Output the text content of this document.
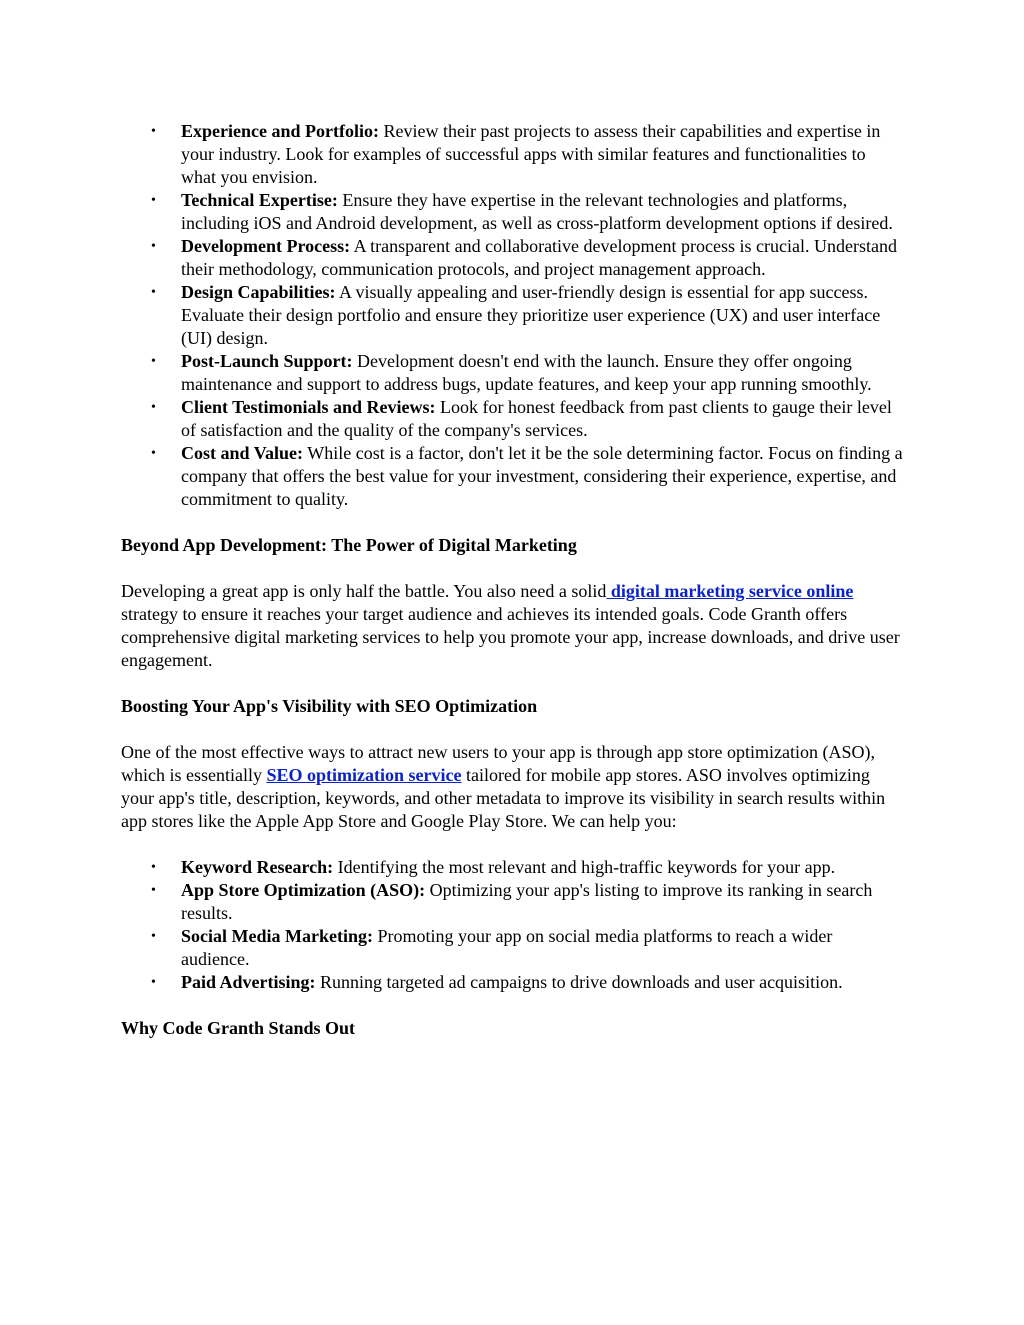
• Experience and Portfolio: Review their past projects to assess their capabilities and expertise in your industry. Look for examples of successful apps with similar features and functionalities to what you envision.
• Technical Expertise: Ensure they have expertise in the relevant technologies and platforms, including iOS and Android development, as well as cross-platform development options if desired.
• Development Process: A transparent and collaborative development process is crucial. Understand their methodology, communication protocols, and project management approach.
• Design Capabilities: A visually appealing and user-friendly design is essential for app success. Evaluate their design portfolio and ensure they prioritize user experience (UX) and user interface (UI) design.
• Post-Launch Support: Development doesn't end with the launch. Ensure they offer ongoing maintenance and support to address bugs, update features, and keep your app running smoothly.
• Client Testimonials and Reviews: Look for honest feedback from past clients to gauge their level of satisfaction and the quality of the company's services.
• Cost and Value: While cost is a factor, don't let it be the sole determining factor. Focus on finding a company that offers the best value for your investment, considering their experience, expertise, and commitment to quality.
Beyond App Development: The Power of Digital Marketing

Developing a great app is only half the battle. You also need a solid digital marketing service online strategy to ensure it reaches your target audience and achieves its intended goals. Code Granth offers comprehensive digital marketing services to help you promote your app, increase downloads, and drive user engagement.

Boosting Your App's Visibility with SEO Optimization

One of the most effective ways to attract new users to your app is through app store optimization (ASO), which is essentially SEO optimization service tailored for mobile app stores. ASO involves optimizing your app's title, description, keywords, and other metadata to improve its visibility in search results within app stores like the Apple App Store and Google Play Store. We can help you:

• Keyword Research: Identifying the most relevant and high-traffic keywords for your app.
• App Store Optimization (ASO): Optimizing your app's listing to improve its ranking in search results.
• Social Media Marketing: Promoting your app on social media platforms to reach a wider audience.
• Paid Advertising: Running targeted ad campaigns to drive downloads and user acquisition.
Why Code Granth Stands Out
